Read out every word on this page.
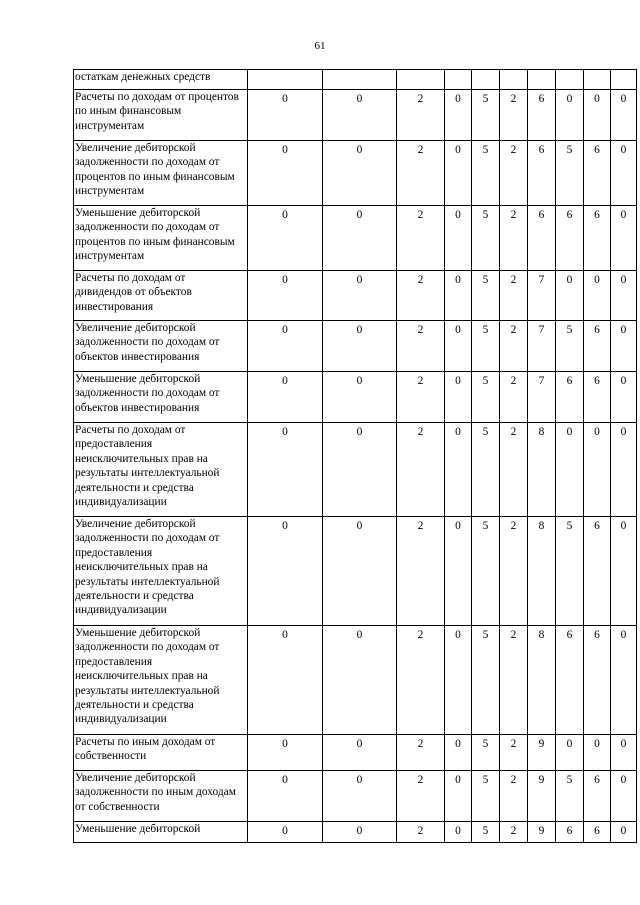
61
остаткам денежных средств										
Расчеты по доходам от процентов по иным финансовым инструментам	0	0	2	0	5	2	6	0	0	0
Увеличение дебиторской задолженности по доходам от процентов по иным финансовым инструментам	0	0	2	0	5	2	6	5	6	0
Уменьшение дебиторской задолженности по доходам от процентов по иным финансовым инструментам	0	0	2	0	5	2	6	6	6	0
Расчеты по доходам от дивидендов от объектов инвестирования	0	0	2	0	5	2	7	0	0	0
Увеличение дебиторской задолженности по доходам от объектов инвестирования	0	0	2	0	5	2	7	5	6	0
Уменьшение дебиторской задолженности по доходам от объектов инвестирования	0	0	2	0	5	2	7	6	6	0
Расчеты по доходам от предоставления неисключительных прав на результаты интеллектуальной деятельности и средства индивидуализации	0	0	2	0	5	2	8	0	0	0
Увеличение дебиторской задолженности по доходам от предоставления неисключительных прав на результаты интеллектуальной деятельности и средства индивидуализации	0	0	2	0	5	2	8	5	6	0
Уменьшение дебиторской задолженности по доходам от предоставления неисключительных прав на результаты интеллектуальной деятельности и средства индивидуализации	0	0	2	0	5	2	8	6	6	0
Расчеты по иным доходам от собственности	0	0	2	0	5	2	9	0	0	0
Увеличение дебиторской задолженности по иным доходам от собственности	0	0	2	0	5	2	9	5	6	0
Уменьшение дебиторской	0	0	2	0	5	2	9	6	6	0
